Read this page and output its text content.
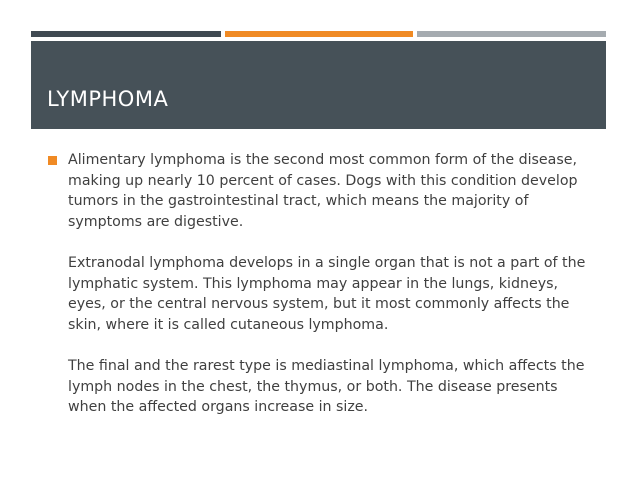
LYMPHOMA

Alimentary lymphoma is the second most common form of the disease, making up nearly 10 percent of cases. Dogs with this condition develop tumors in the gastrointestinal tract, which means the majority of symptoms are digestive.

Extranodal lymphoma develops in a single organ that is not a part of the lymphatic system. This lymphoma may appear in the lungs, kidneys, eyes, or the central nervous system, but it most commonly affects the skin, where it is called cutaneous lymphoma.

The final and the rarest type is mediastinal lymphoma, which affects the lymph nodes in the chest, the thymus, or both. The disease presents when the affected organs increase in size.
